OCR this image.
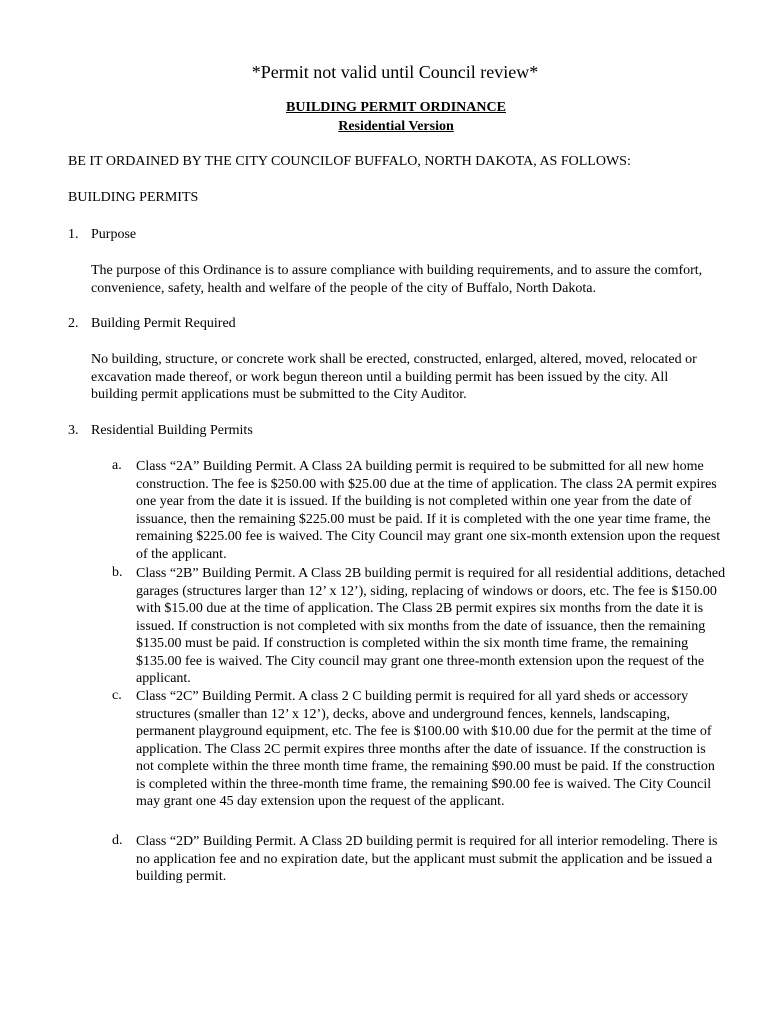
*Permit not valid until Council review*
BUILDING PERMIT ORDINANCE
Residential Version
BE IT ORDAINED BY THE CITY COUNCILOF BUFFALO, NORTH DAKOTA, AS FOLLOWS:
BUILDING PERMITS
1. Purpose
The purpose of this Ordinance is to assure compliance with building requirements, and to assure the comfort, convenience, safety, health and welfare of the people of the city of Buffalo, North Dakota.
2. Building Permit Required
No building, structure, or concrete work shall be erected, constructed, enlarged, altered, moved, relocated or excavation made thereof, or work begun thereon until a building permit has been issued by the city. All building permit applications must be submitted to the City Auditor.
3. Residential Building Permits
a. Class “2A” Building Permit. A Class 2A building permit is required to be submitted for all new home construction. The fee is $250.00 with $25.00 due at the time of application. The class 2A permit expires one year from the date it is issued. If the building is not completed within one year from the date of issuance, then the remaining $225.00 must be paid. If it is completed with the one year time frame, the remaining $225.00 fee is waived. The City Council may grant one six-month extension upon the request of the applicant.
b. Class “2B” Building Permit. A Class 2B building permit is required for all residential additions, detached garages (structures larger than 12’ x 12’), siding, replacing of windows or doors, etc. The fee is $150.00 with $15.00 due at the time of application. The Class 2B permit expires six months from the date it is issued. If construction is not completed with six months from the date of issuance, then the remaining $135.00 must be paid. If construction is completed within the six month time frame, the remaining $135.00 fee is waived. The City council may grant one three-month extension upon the request of the applicant.
c. Class “2C” Building Permit. A class 2 C building permit is required for all yard sheds or accessory structures (smaller than 12’ x 12’), decks, above and underground fences, kennels, landscaping, permanent playground equipment, etc. The fee is $100.00 with $10.00 due for the permit at the time of application. The Class 2C permit expires three months after the date of issuance. If the construction is not complete within the three month time frame, the remaining $90.00 must be paid. If the construction is completed within the three-month time frame, the remaining $90.00 fee is waived. The City Council may grant one 45 day extension upon the request of the applicant.
d. Class “2D” Building Permit. A Class 2D building permit is required for all interior remodeling. There is no application fee and no expiration date, but the applicant must submit the application and be issued a building permit.
